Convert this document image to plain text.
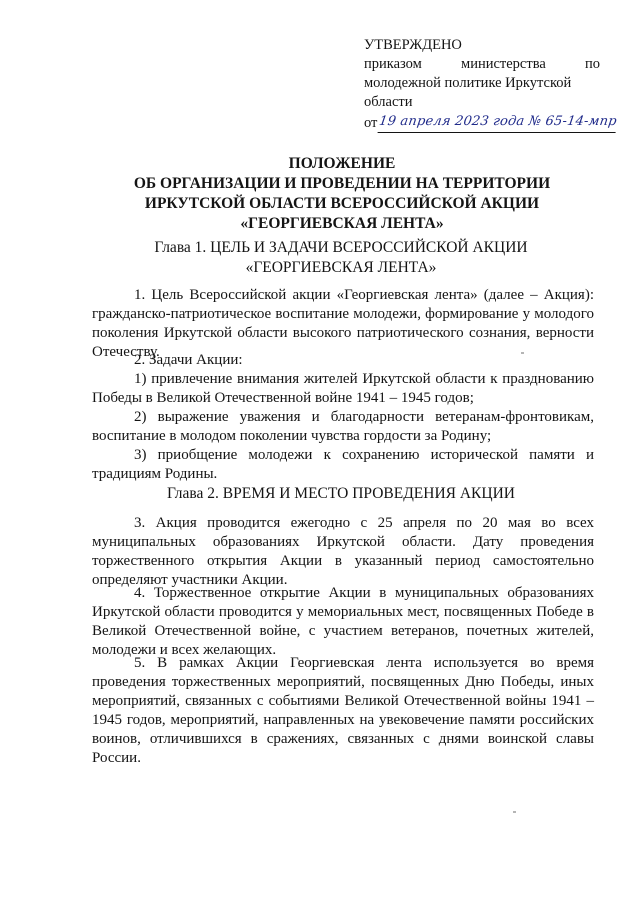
УТВЕРЖДЕНО
приказом	министерства	по
молодежной политике Иркутской
области
от 19 апреля 2023 года № 65-14-мпр
ПОЛОЖЕНИЕ
ОБ ОРГАНИЗАЦИИ И ПРОВЕДЕНИИ НА ТЕРРИТОРИИ
ИРКУТСКОЙ ОБЛАСТИ ВСЕРОССИЙСКОЙ АКЦИИ
«ГЕОРГИЕВСКАЯ ЛЕНТА»
Глава 1. ЦЕЛЬ И ЗАДАЧИ ВСЕРОССИЙСКОЙ АКЦИИ
«ГЕОРГИЕВСКАЯ ЛЕНТА»
1. Цель Всероссийской акции «Георгиевская лента» (далее – Акция): гражданско-патриотическое воспитание молодежи, формирование у молодого поколения Иркутской области высокого патриотического сознания, верности Отечеству.
2. Задачи Акции:
1) привлечение внимания жителей Иркутской области к празднованию Победы в Великой Отечественной войне 1941 – 1945 годов;
2) выражение уважения и благодарности ветеранам-фронтовикам, воспитание в молодом поколении чувства гордости за Родину;
3) приобщение молодежи к сохранению исторической памяти и традициям Родины.
Глава 2. ВРЕМЯ И МЕСТО ПРОВЕДЕНИЯ АКЦИИ
3. Акция проводится ежегодно с 25 апреля по 20 мая во всех муниципальных образованиях Иркутской области. Дату проведения торжественного открытия Акции в указанный период самостоятельно определяют участники Акции.
4. Торжественное открытие Акции в муниципальных образованиях Иркутской области проводится у мемориальных мест, посвященных Победе в Великой Отечественной войне, с участием ветеранов, почетных жителей, молодежи и всех желающих.
5. В рамках Акции Георгиевская лента используется во время проведения торжественных мероприятий, посвященных Дню Победы, иных мероприятий, связанных с событиями Великой Отечественной войны 1941 – 1945 годов, мероприятий, направленных на увековечение памяти российских воинов, отличившихся в сражениях, связанных с днями воинской славы России.
